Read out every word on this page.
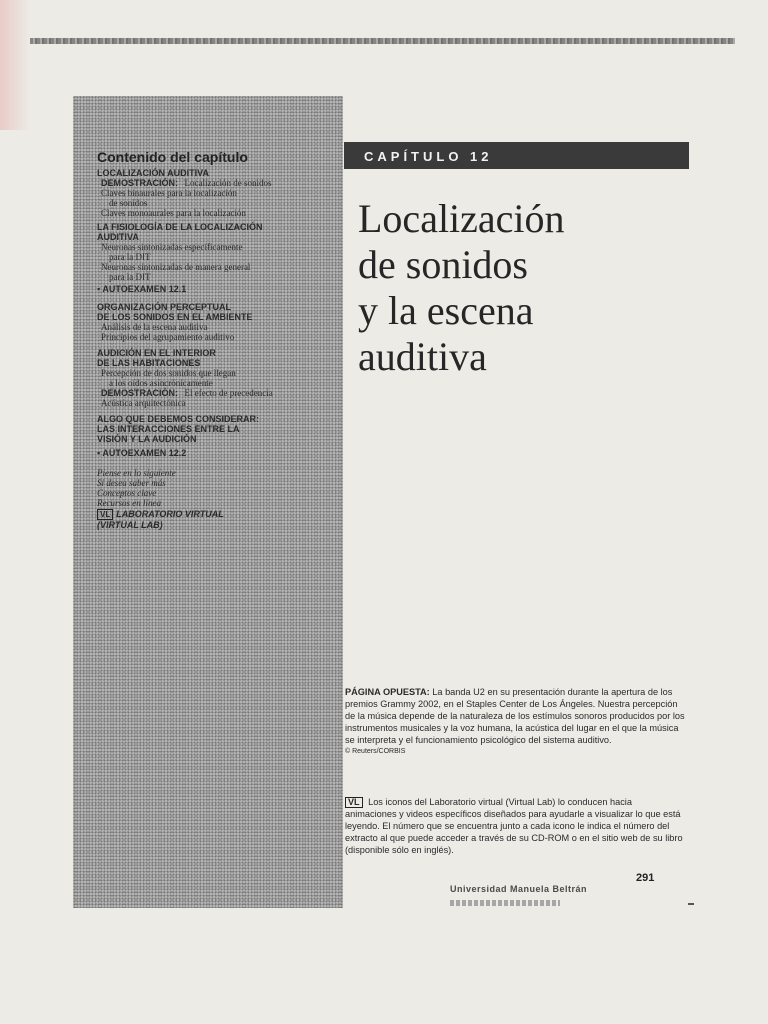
Contenido del capítulo
LOCALIZACIÓN AUDITIVA
DEMOSTRACIÓN: Localización de sonidos
Claves binaurales para la localización
de sonidos
Claves monoaurales para la localización
LA FISIOLOGÍA DE LA LOCALIZACIÓN
AUDITIVA
Neuronas sintonizadas específicamente
para la DIT
Neuronas sintonizadas de manera general
para la DIT
▪ AUTOEXAMEN 12.1
ORGANIZACIÓN PERCEPTUAL
DE LOS SONIDOS EN EL AMBIENTE
Análisis de la escena auditiva
Principios del agrupamiento auditivo
AUDICIÓN EN EL INTERIOR
DE LAS HABITACIONES
Percepción de dos sonidos que llegan
a los oídos asincrónicamente
DEMOSTRACIÓN: El efecto de precedencia
Acústica arquitectónica
ALGO QUE DEBEMOS CONSIDERAR:
LAS INTERACCIONES ENTRE LA
VISIÓN Y LA AUDICIÓN
▪ AUTOEXAMEN 12.2
Piense en lo siguiente
Si desea saber más
Conceptos clave
Recursos en línea
VL LABORATORIO VIRTUAL
(VIRTUAL LAB)
CAPÍTULO 12
Localización
de sonidos
y la escena
auditiva
PÁGINA OPUESTA: La banda U2 en su presentación durante la apertura de los premios Grammy 2002, en el Staples Center de Los Ángeles. Nuestra percepción de la música depende de la naturaleza de los estímulos sonoros producidos por los instrumentos musicales y la voz humana, la acústica del lugar en el que la música se interpreta y el funcionamiento psicológico del sistema auditivo.
© Reuters/CORBIS
VL Los iconos del Laboratorio virtual (Virtual Lab) lo conducen hacia animaciones y videos específicos diseñados para ayudarle a visualizar lo que está leyendo. El número que se encuentra junto a cada icono le indica el número del extracto al que puede acceder a través de su CD-ROM o en el sitio web de su libro (disponible sólo en inglés).
291
Universidad Manuela Beltrán
